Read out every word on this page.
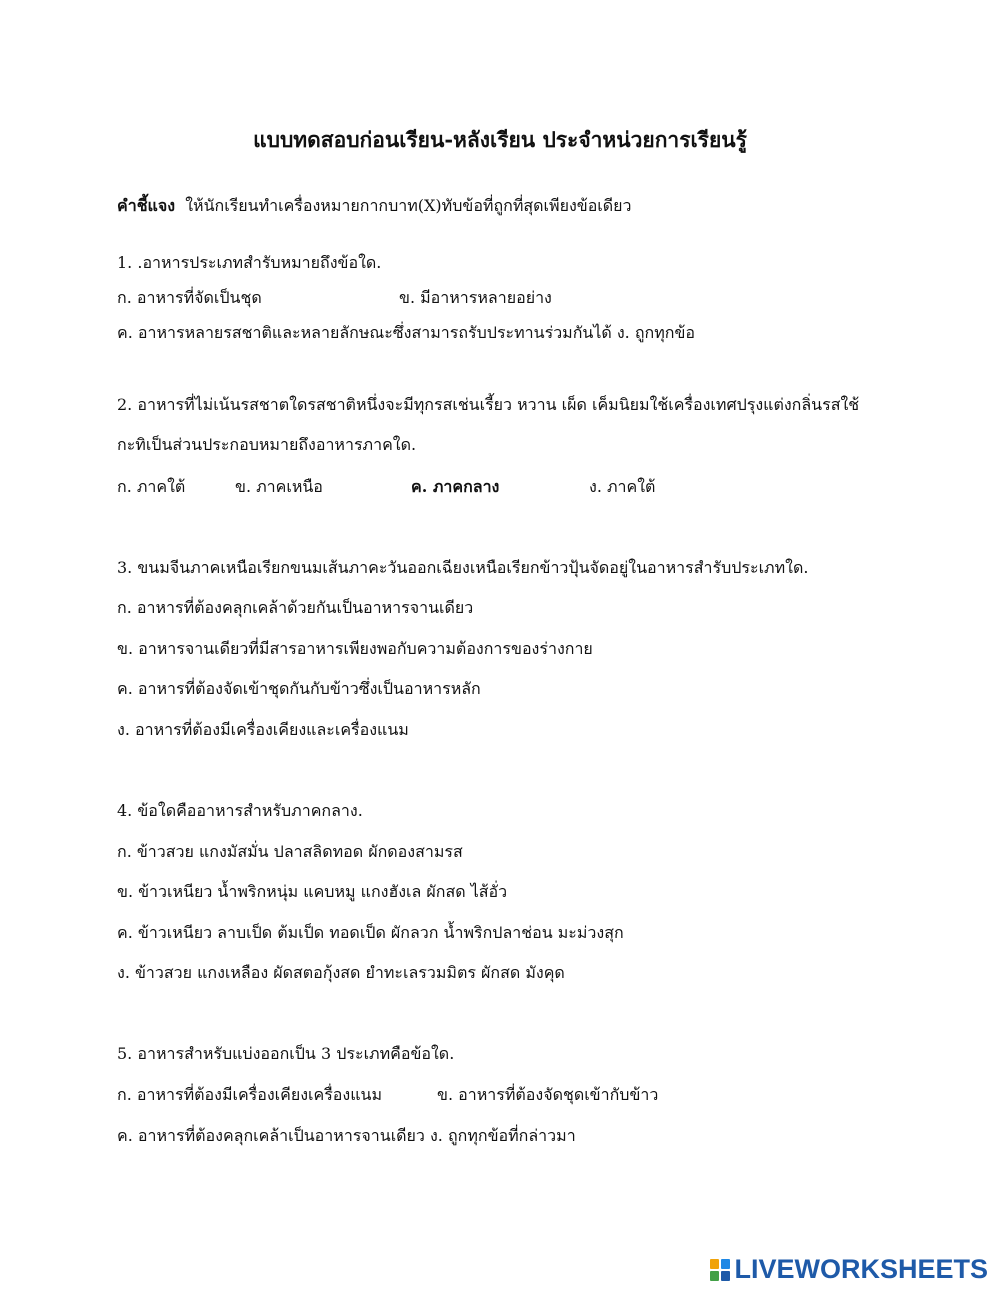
แบบทดสอบก่อนเรียน-หลังเรียน ประจำหน่วยการเรียนรู้
คำชี้แจง ให้นักเรียนทำเครื่องหมายกากบาท(X)ทับข้อที่ถูกที่สุดเพียงข้อเดียว
1. .อาหารประเภทสำรับหมายถึงข้อใด.
ก. อาหารที่จัดเป็นชุด	ข. มีอาหารหลายอย่าง
ค. อาหารหลายรสชาติและหลายลักษณะซึ่งสามารถรับประทานร่วมกันได้ ง. ถูกทุกข้อ
2. อาหารที่ไม่เน้นรสชาตใดรสชาติหนึ่งจะมีทุกรสเช่นเรี้ยว หวาน เผ็ด เค็มนิยมใช้เครื่องเทศปรุงแต่งกลิ่นรสใช้
กะทิเป็นส่วนประกอบหมายถึงอาหารภาคใด.
ก. ภาคใต้	ข. ภาคเหนือ	ค. ภาคกลาง	ง. ภาคใต้
3. ขนมจีนภาคเหนือเรียกขนมเส้นภาคะวันออกเฉียงเหนือเรียกข้าวปุ้นจัดอยู่ในอาหารสำรับประเภทใด.
ก. อาหารที่ต้องคลุกเคล้าด้วยกันเป็นอาหารจานเดียว
ข. อาหารจานเดียวที่มีสารอาหารเพียงพอกับความต้องการของร่างกาย
ค. อาหารที่ต้องจัดเข้าชุดกันกับข้าวซึ่งเป็นอาหารหลัก
ง. อาหารที่ต้องมีเครื่องเคียงและเครื่องแนม
4. ข้อใดคืออาหารสำหรับภาคกลาง.
ก. ข้าวสวย แกงมัสมั่น ปลาสลิดทอด ผักดองสามรส
ข. ข้าวเหนียว น้ำพริกหนุ่ม แคบหมู แกงฮังเล ผักสด ไส้อั่ว
ค. ข้าวเหนียว ลาบเป็ด ต้มเป็ด ทอดเป็ด ผักลวก น้ำพริกปลาช่อน มะม่วงสุก
ง. ข้าวสวย แกงเหลือง ผัดสตอกุ้งสด ยำทะเลรวมมิตร ผักสด มังคุด
5. อาหารสำหรับแบ่งออกเป็น 3 ประเภทคือข้อใด.
ก. อาหารที่ต้องมีเครื่องเคียงเครื่องแนม	ข. อาหารที่ต้องจัดชุดเข้ากับข้าว
ค. อาหารที่ต้องคลุกเคล้าเป็นอาหารจานเดียว ง. ถูกทุกข้อที่กล่าวมา
LIVEWORKSHEETS
